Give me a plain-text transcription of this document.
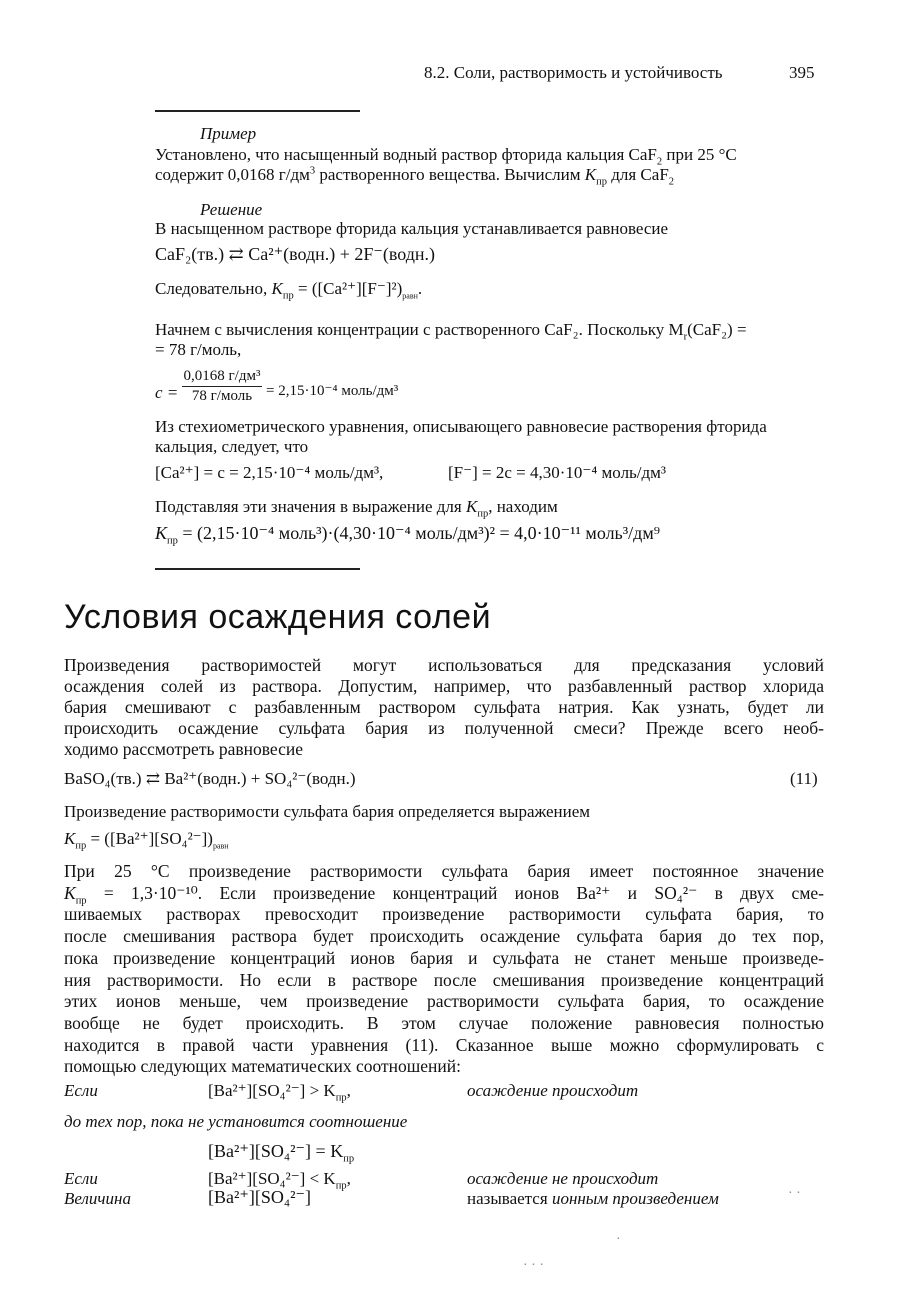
8.2. Соли, растворимость и устойчивость	395
Пример
Установлено, что насыщенный водный раствор фторида кальция CaF$_2$ при 25 °С
содержит 0,0168 $г/дм^3$ растворенного вещества. Вычислим $K_{пр}$ для CaF$_2$
Решение
В насыщенном растворе фторида кальция устанавливается равновесие
CaF₂(тв.) ⇄ Ca²⁺(водн.) + 2F⁻(водн.)
Следовательно, $K_{пр} = ([Ca^{2+}][F^-]^2)_{равн}$.
Начнем с вычисления концентрации c растворенного CaF₂. Поскольку $M_r(CaF_2)$ =
= 78 г/моль,
c =
0,0168 г/дм³
78 г/моль = 2,15·10⁻⁴ моль/дм³
Из стехиометрического уравнения, описывающего равновесие растворения фторида
кальция, следует, что
[Ca²⁺] = c = 2,15·10⁻⁴ моль/дм³,	[F⁻] = 2c = 4,30·10⁻⁴ моль/дм³
Подставляя эти значения в выражение для $K_{пр}$, находим
$K_{пр} = (2,15\cdot 10^{-4}$ моль³)·(4,30·10⁻⁴ моль/дм³)² = 4,0·10⁻¹¹ моль³/дм⁹
Условия осаждения солей
Произведения растворимостей могут использоваться для предсказания условий
осаждения солей из раствора. Допустим, например, что разбавленный раствор хлорида
бария смешивают с разбавленным раствором сульфата натрия. Как узнать, будет ли
происходить осаждение сульфата бария из полученной смеси? Прежде всего необ-
ходимо рассмотреть равновесие
BaSO₄(тв.) ⇄ Ba²⁺(водн.) + SO₄²⁻(водн.)	(11)
Произведение растворимости сульфата бария определяется выражением
$K_{пр} = ([Ba^{2+}][SO_4^{2-}])_{равн}$
При 25 °С произведение растворимости сульфата бария имеет постоянное значение
$K_{пр} = 1,3\cdot 10^{-10}$. Если произведение концентраций ионов Ba²⁺ и SO₄²⁻ в двух сме-
шиваемых растворах превосходит произведение растворимости сульфата бария, то
после смешивания раствора будет происходить осаждение сульфата бария до тех пор,
пока произведение концентраций ионов бария и сульфата не станет меньше произведе-
ния растворимости. Но если в растворе после смешивания произведение концентраций
этих ионов меньше, чем произведение растворимости сульфата бария, то осаждение
вообще не будет происходить. В этом случае положение равновесия полностью
находится в правой части уравнения (11). Сказанное выше можно сформулировать с
помощью следующих математических соотношений:
Если	$[Ba^{2+}][SO_4^{2-}] > K_{пр}$,	осаждение происходит
до тех пор, пока не установится соотношение
$[Ba^{2+}][SO_4^{2-}] = K_{пр}$
Если	$[Ba^{2+}][SO_4^{2-}] < K_{пр}$,	осаждение не происходит
Величина	[Ba²⁺][SO₄²⁻]	называется ионным произведением	· ·
· · ·
·
